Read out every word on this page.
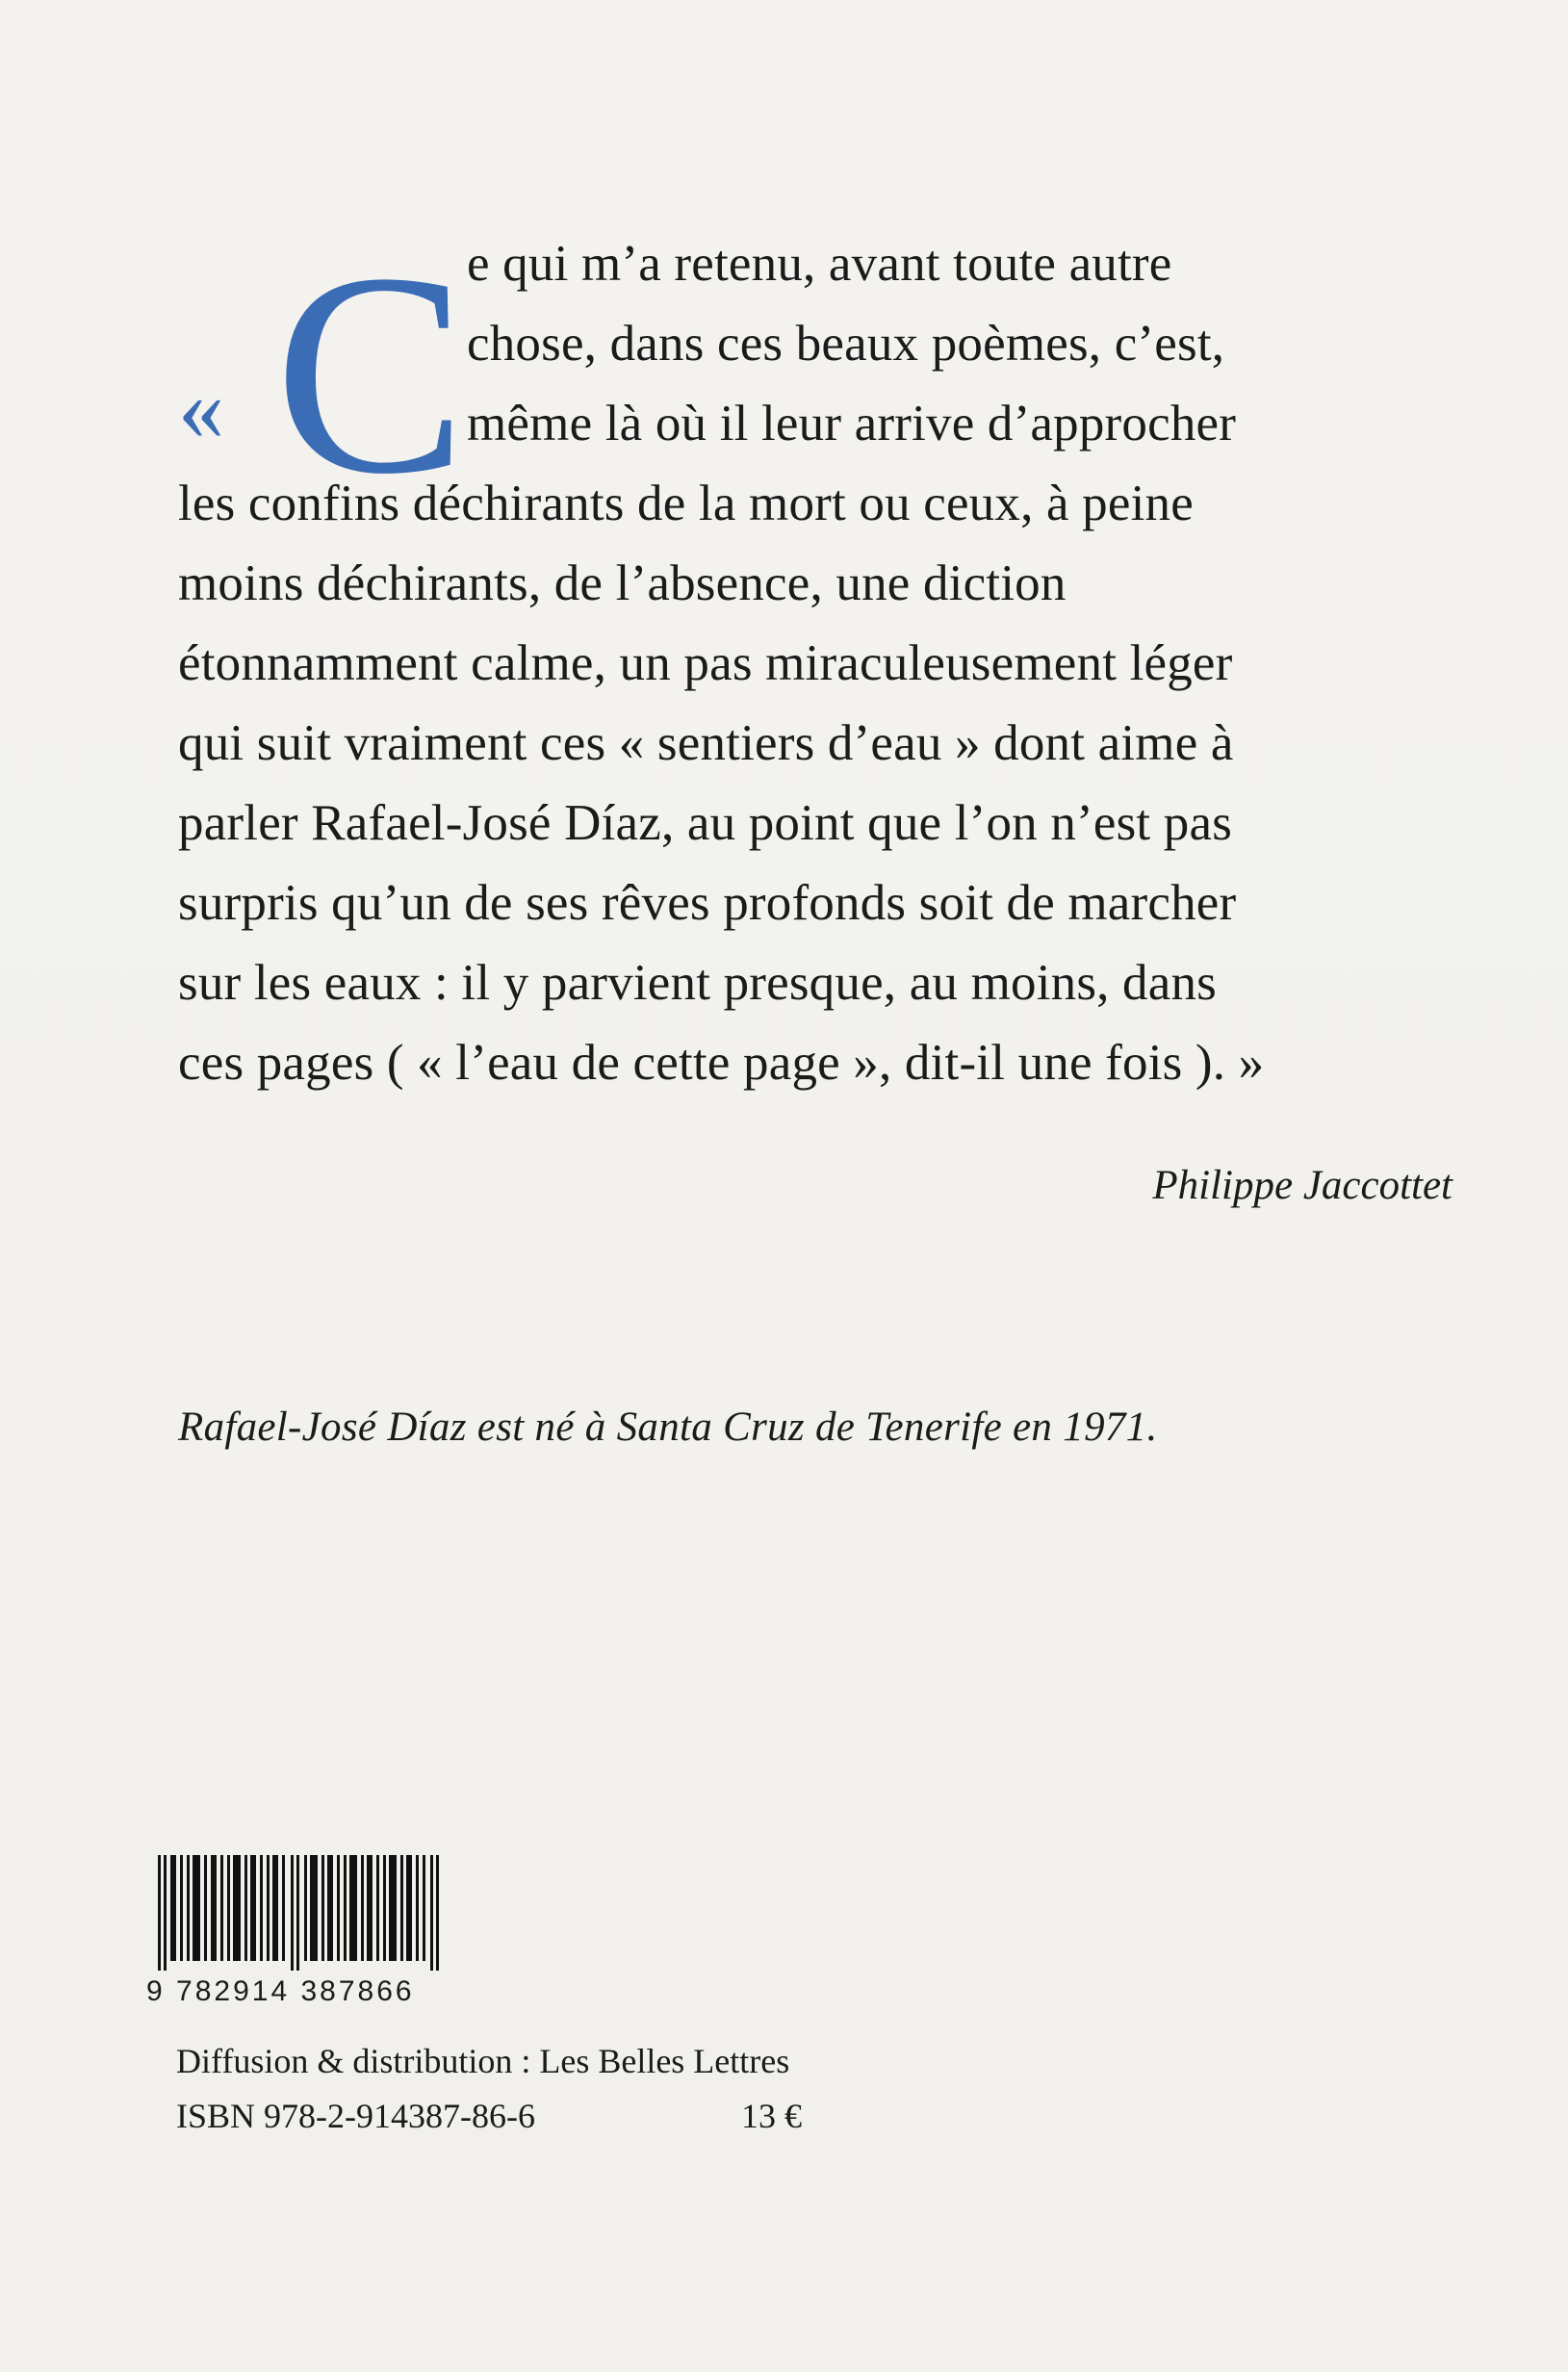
« C e qui m’a retenu, avant toute autre
chose, dans ces beaux poèmes, c’est,
même là où il leur arrive d’approcher
les confins déchirants de la mort ou ceux, à peine
moins déchirants, de l’absence, une diction
étonnamment calme, un pas miraculeusement léger
qui suit vraiment ces « sentiers d’eau » dont aime à
parler Rafael-José Díaz, au point que l’on n’est pas
surpris qu’un de ses rêves profonds soit de marcher
sur les eaux : il y parvient presque, au moins, dans
ces pages ( « l’eau de cette page », dit-il une fois ). »
Philippe Jaccottet
Rafael-José Díaz est né à Santa Cruz de Tenerife en 1971.
9 782914 387866
Diffusion & distribution : Les Belles Lettres
ISBN 978-2-914387-86-6	13 €
